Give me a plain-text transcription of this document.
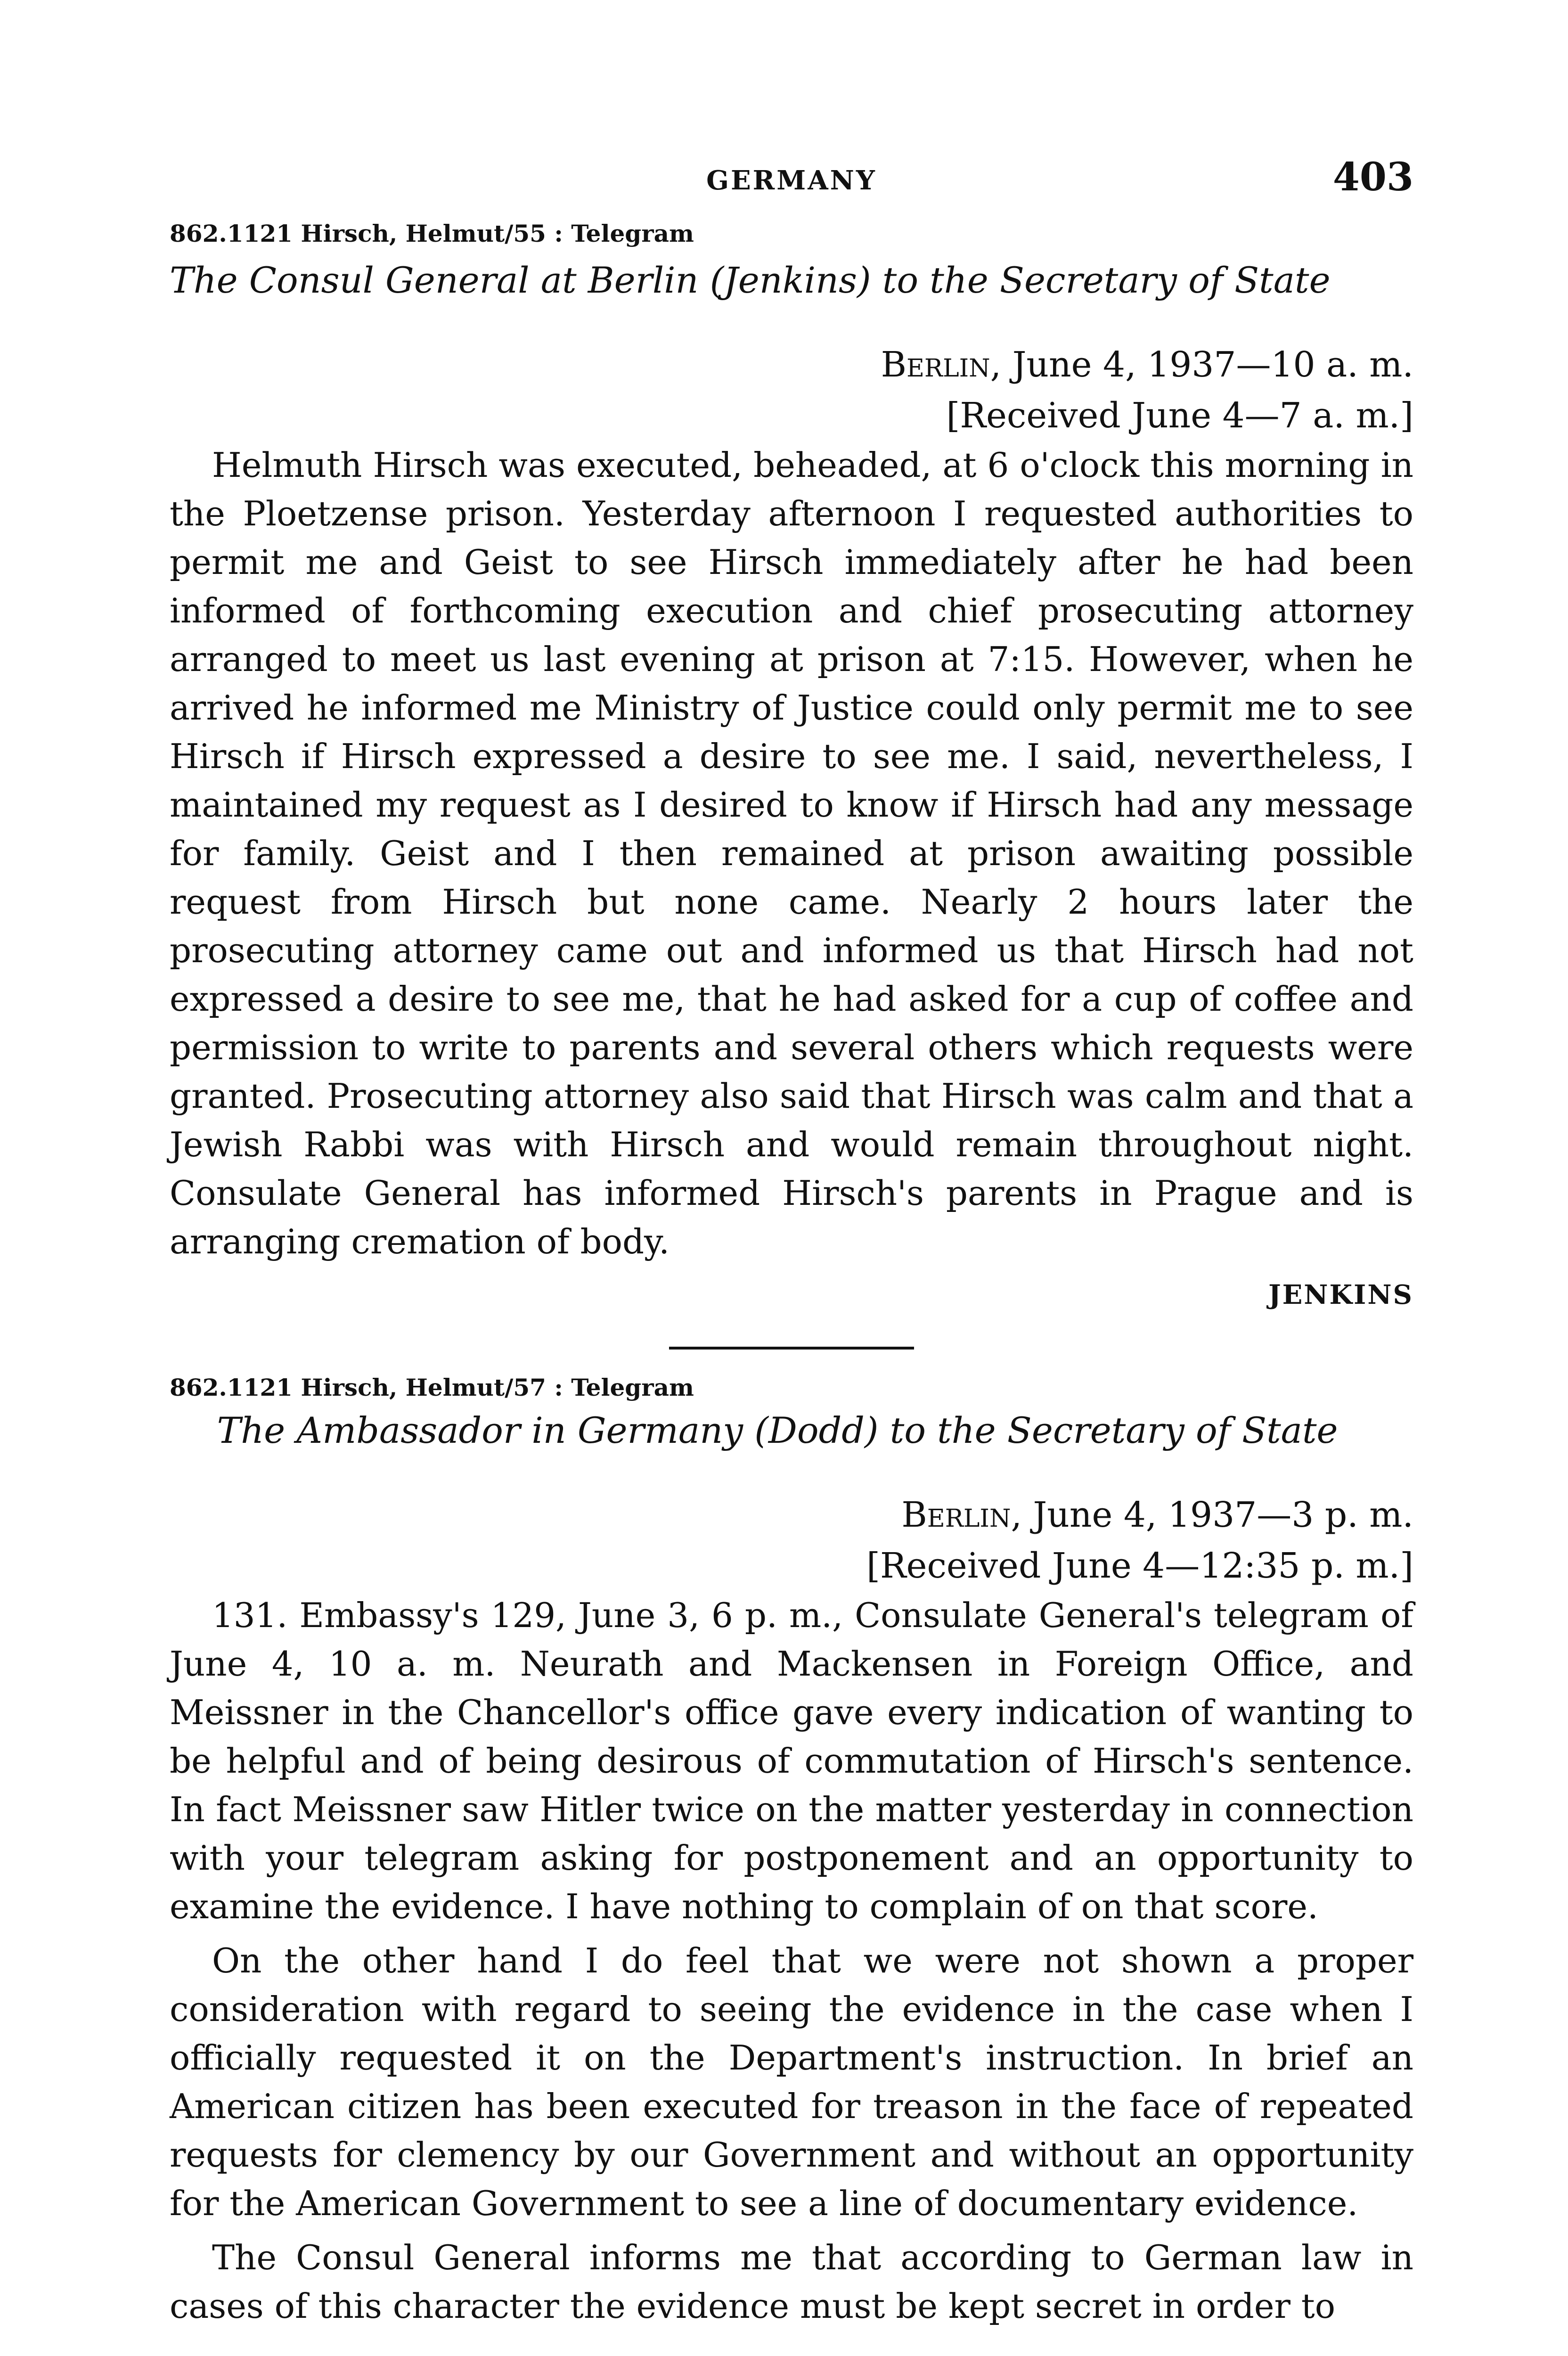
GERMANY	403

862.1121 Hirsch, Helmut/55 : Telegram

The Consul General at Berlin (Jenkins) to the Secretary of State

Berlin, June 4, 1937—10 a. m.

[Received June 4—7 a. m.]

Helmuth Hirsch was executed, beheaded, at 6 o'clock this morning in the Ploetzense prison. Yesterday afternoon I requested authorities to permit me and Geist to see Hirsch immediately after he had been informed of forthcoming execution and chief prosecuting attorney arranged to meet us last evening at prison at 7:15. However, when he arrived he informed me Ministry of Justice could only permit me to see Hirsch if Hirsch expressed a desire to see me. I said, nevertheless, I maintained my request as I desired to know if Hirsch had any message for family. Geist and I then remained at prison awaiting possible request from Hirsch but none came. Nearly 2 hours later the prosecuting attorney came out and informed us that Hirsch had not expressed a desire to see me, that he had asked for a cup of coffee and permission to write to parents and several others which requests were granted. Prosecuting attorney also said that Hirsch was calm and that a Jewish Rabbi was with Hirsch and would remain throughout night. Consulate General has informed Hirsch's parents in Prague and is arranging cremation of body.

JENKINS

862.1121 Hirsch, Helmut/57 : Telegram

The Ambassador in Germany (Dodd) to the Secretary of State

Berlin, June 4, 1937—3 p. m.

[Received June 4—12:35 p. m.]

131. Embassy's 129, June 3, 6 p. m., Consulate General's telegram of June 4, 10 a. m. Neurath and Mackensen in Foreign Office, and Meissner in the Chancellor's office gave every indication of wanting to be helpful and of being desirous of commutation of Hirsch's sentence. In fact Meissner saw Hitler twice on the matter yesterday in connection with your telegram asking for postponement and an opportunity to examine the evidence. I have nothing to complain of on that score.

On the other hand I do feel that we were not shown a proper consideration with regard to seeing the evidence in the case when I officially requested it on the Department's instruction. In brief an American citizen has been executed for treason in the face of repeated requests for clemency by our Government and without an opportunity for the American Government to see a line of documentary evidence.

The Consul General informs me that according to German law in cases of this character the evidence must be kept secret in order to
